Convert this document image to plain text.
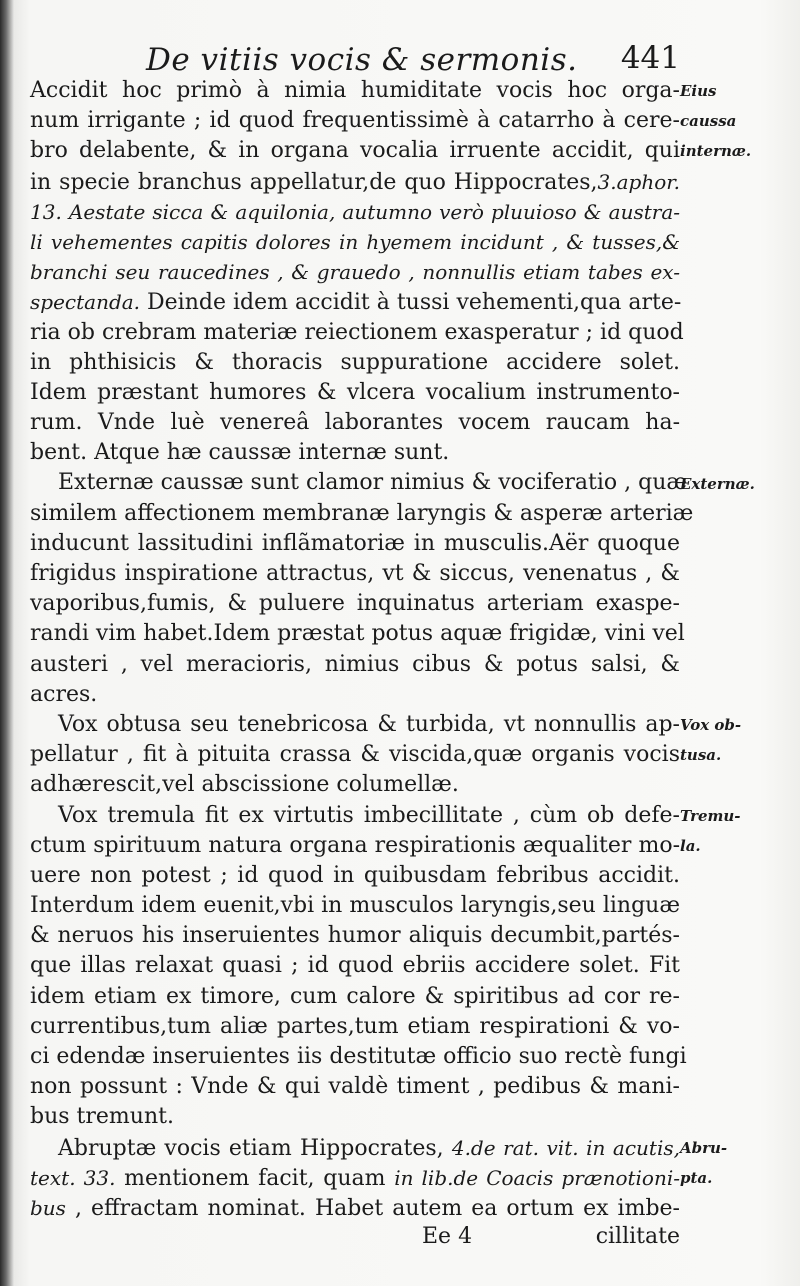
De vitiis vocis & sermonis. 441
Accidit hoc primò à nimia humiditate vocis hoc orga-
num irrigante ; id quod frequentissimè à catarrho à cere-
bro delabente, & in organa vocalia irruente accidit, qui
in specie branchus appellatur,de quo Hippocrates,3.aphor.
13. Aestate sicca & aquilonia, autumno verò pluuioso & austra-
li vehementes capitis dolores in hyemem incidunt , & tusses,&
branchi seu raucedines , & grauedo , nonnullis etiam tabes ex-
spectanda. Deinde idem accidit à tussi vehementi,qua arte-
ria ob crebram materiæ reiectionem exasperatur ; id quod
in phthisicis & thoracis suppuratione accidere solet.
Idem præstant humores & vlcera vocalium instrumento-
rum. Vnde luè venereâ laborantes vocem raucam ha-
bent. Atque hæ caussæ internæ sunt.
Externæ caussæ sunt clamor nimius & vociferatio , quæ
similem affectionem membranæ laryngis & asperæ arteriæ
inducunt lassitudini inflãmatoriæ in musculis.Aër quoque
frigidus inspiratione attractus, vt & siccus, venenatus , &
vaporibus,fumis, & puluere inquinatus arteriam exaspe-
randi vim habet.Idem præstat potus aquæ frigidæ, vini vel
austeri , vel meracioris, nimius cibus & potus salsi, &
acres.
Vox obtusa seu tenebricosa & turbida, vt nonnullis ap-
pellatur , fit à pituita crassa & viscida,quæ organis vocis
adhærescit,vel abscissione columellæ.
Vox tremula fit ex virtutis imbecillitate , cùm ob defe-
ctum spirituum natura organa respirationis æqualiter mo-
uere non potest ; id quod in quibusdam febribus accidit.
Interdum idem euenit,vbi in musculos laryngis,seu linguæ
& neruos his inseruientes humor aliquis decumbit,partés-
que illas relaxat quasi ; id quod ebriis accidere solet. Fit
idem etiam ex timore, cum calore & spiritibus ad cor re-
currentibus,tum aliæ partes,tum etiam respirationi & vo-
ci edendæ inseruientes iis destitutæ officio suo rectè fungi
non possunt : Vnde & qui valdè timent , pedibus & mani-
bus tremunt.
Abruptæ vocis etiam Hippocrates, 4.de rat. vit. in acutis,
text. 33. mentionem facit, quam in lib.de Coacis prænotioni-
bus , effractam nominat. Habet autem ea ortum ex imbe-
Eius
caussa
internæ.
Externæ.
Vox ob-
tusa.
Tremu-
la.
Abru-
pta.
Ee 4	cillitate
